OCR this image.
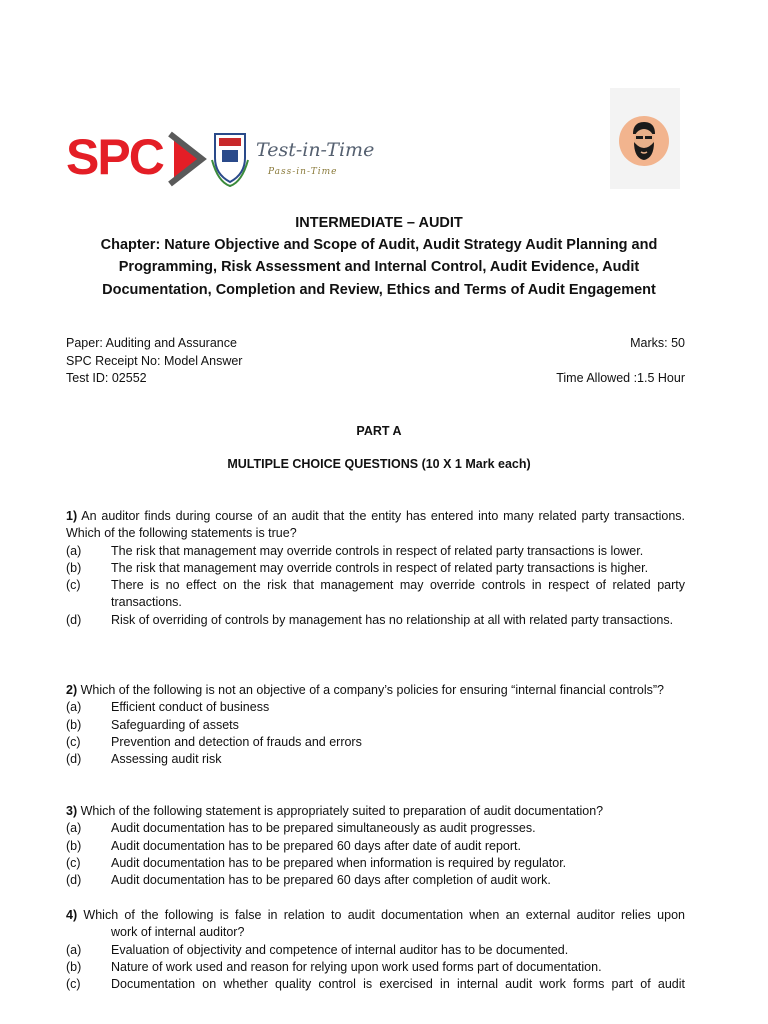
SPC	Test-in-Time
Pass-in-Time
INTERMEDIATE – AUDIT
Chapter: Nature Objective and Scope of Audit, Audit Strategy Audit Planning and
Programming, Risk Assessment and Internal Control, Audit Evidence, Audit
Documentation, Completion and Review, Ethics and Terms of Audit Engagement
Paper: Auditing and Assurance	Marks: 50
SPC Receipt No: Model Answer
Test ID: 02552	Time Allowed :1.5 Hour
PART A
MULTIPLE CHOICE QUESTIONS (10 X 1 Mark each)
1) An auditor finds during course of an audit that the entity has entered into many related party transactions. Which of the following statements is true?
(a)	The risk that management may override controls in respect of related party transactions is lower.
(b)	The risk that management may override controls in respect of related party transactions is higher.
(c)	There is no effect on the risk that management may override controls in respect of related party transactions.
(d)	Risk of overriding of controls by management has no relationship at all with related party transactions.
2) Which of the following is not an objective of a company’s policies for ensuring “internal financial controls”?
(a)	Efficient conduct of business
(b)	Safeguarding of assets
(c)	Prevention and detection of frauds and errors
(d)	Assessing audit risk
3) Which of the following statement is appropriately suited to preparation of audit documentation?
(a)	Audit documentation has to be prepared simultaneously as audit progresses.
(b)	Audit documentation has to be prepared 60 days after date of audit report.
(c)	Audit documentation has to be prepared when information is required by regulator.
(d)	Audit documentation has to be prepared 60 days after completion of audit work.
4) Which of the following is false in relation to audit documentation when an external auditor relies upon
work of internal auditor?
(a)	Evaluation of objectivity and competence of internal auditor has to be documented.
(b)	Nature of work used and reason for relying upon work used forms part of documentation.
(c)	Documentation on whether quality control is exercised in internal audit work forms part of audit
